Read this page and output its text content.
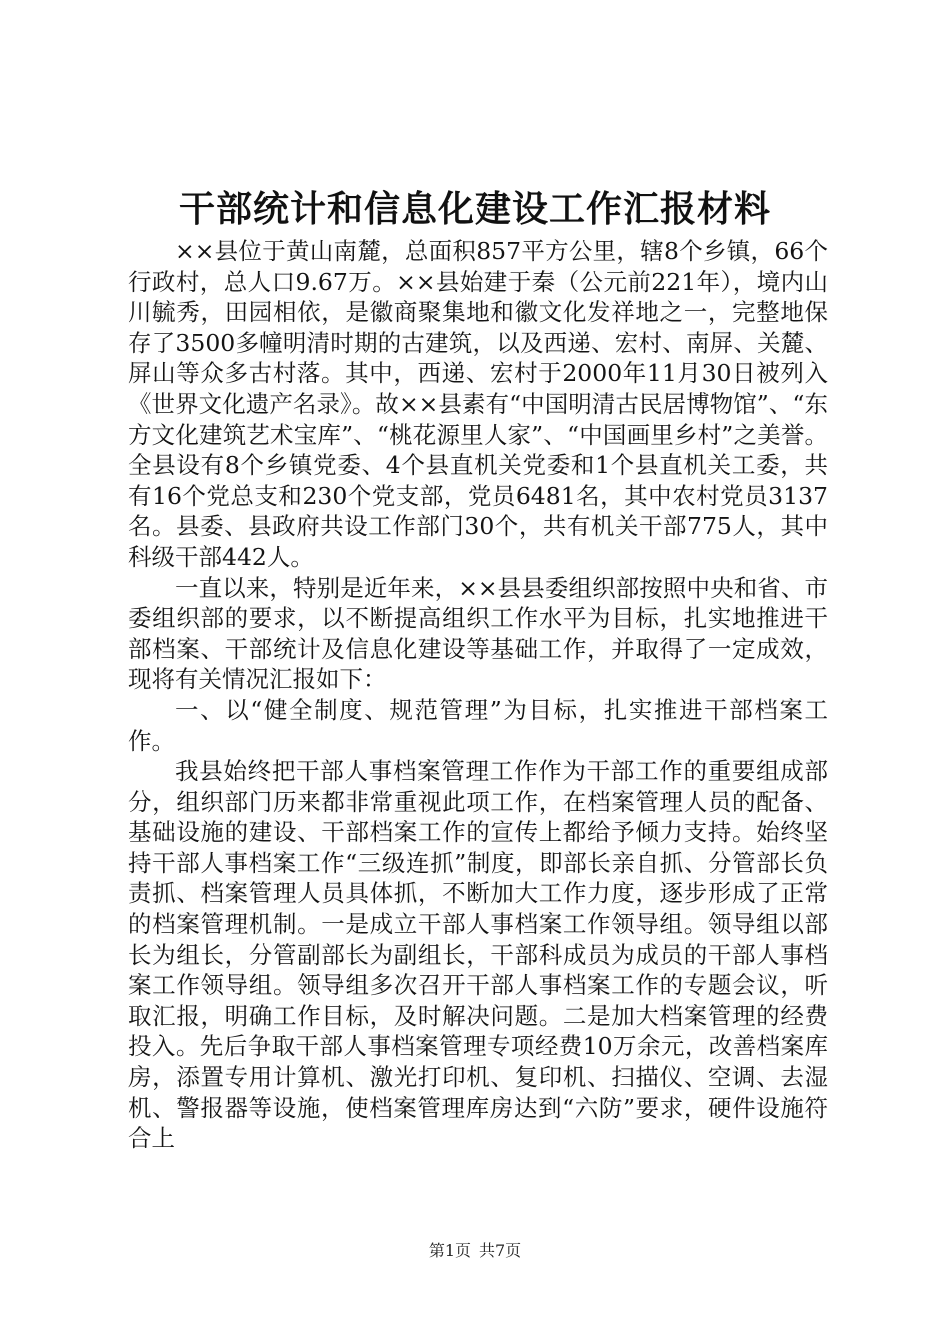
干部统计和信息化建设工作汇报材料

××县位于黄山南麓，总面积857平方公里，辖8个乡镇，66个行政村，总人口9.67万。××县始建于秦（公元前221年），境内山川毓秀，田园相依，是徽商聚集地和徽文化发祥地之一，完整地保存了3500多幢明清时期的古建筑，以及西递、宏村、南屏、关麓、屏山等众多古村落。其中，西递、宏村于2000年11月30日被列入《世界文化遗产名录》。故××县素有“中国明清古民居博物馆”、“东方文化建筑艺术宝库”、“桃花源里人家”、“中国画里乡村”之美誉。全县设有8个乡镇党委、4个县直机关党委和1个县直机关工委，共有16个党总支和230个党支部，党员6481名，其中农村党员3137名。县委、县政府共设工作部门30个，共有机关干部775人，其中科级干部442人。

一直以来，特别是近年来，××县县委组织部按照中央和省、市委组织部的要求，以不断提高组织工作水平为目标，扎实地推进干部档案、干部统计及信息化建设等基础工作，并取得了一定成效，现将有关情况汇报如下：

一、以“健全制度、规范管理”为目标，扎实推进干部档案工作。

我县始终把干部人事档案管理工作作为干部工作的重要组成部分，组织部门历来都非常重视此项工作，在档案管理人员的配备、基础设施的建设、干部档案工作的宣传上都给予倾力支持。始终坚持干部人事档案工作“三级连抓”制度，即部长亲自抓、分管部长负责抓、档案管理人员具体抓，不断加大工作力度，逐步形成了正常的档案管理机制。一是成立干部人事档案工作领导组。领导组以部长为组长，分管副部长为副组长，干部科成员为成员的干部人事档案工作领导组。领导组多次召开干部人事档案工作的专题会议，听取汇报，明确工作目标，及时解决问题。二是加大档案管理的经费投入。先后争取干部人事档案管理专项经费10万余元，改善档案库房，添置专用计算机、激光打印机、复印机、扫描仪、空调、去湿机、警报器等设施，使档案管理库房达到“六防”要求，硬件设施符合上

第1页 共7页
